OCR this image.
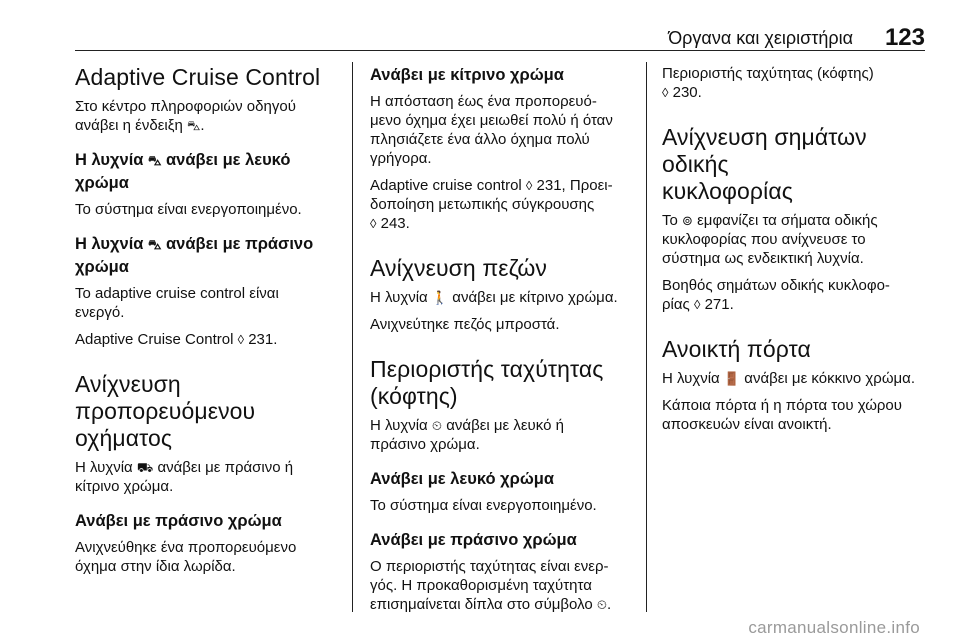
Όργανα και χειριστήρια 123
Adaptive Cruise Control

Στο κέντρο πληροφοριών οδηγού
ανάβει η ένδειξη ⛍.

Η λυχνία ⛍ ανάβει με λευκό
χρώμα

Το σύστημα είναι ενεργοποιημένο.

Η λυχνία ⛍ ανάβει με πράσινο
χρώμα

Το adaptive cruise control είναι
ενεργό.

Adaptive Cruise Control ◊ 231.

Ανίχνευση
προπορευόμενου οχήματος

Η λυχνία ⛟ ανάβει με πράσινο ή
κίτρινο χρώμα.

Ανάβει με πράσινο χρώμα

Ανιχνεύθηκε ένα προπορευόμενο
όχημα στην ίδια λωρίδα.

Ανάβει με κίτρινο χρώμα

Η απόσταση έως ένα προπορευό-
μενο όχημα έχει μειωθεί πολύ ή όταν
πλησιάζετε ένα άλλο όχημα πολύ
γρήγορα.

Adaptive cruise control ◊ 231, Προει-
δοποίηση μετωπικής σύγκρουσης
◊ 243.

Ανίχνευση πεζών

Η λυχνία 🚶 ανάβει με κίτρινο χρώμα.

Ανιχνεύτηκε πεζός μπροστά.

Περιοριστής ταχύτητας
(κόφτης)

Η λυχνία ⏲ ανάβει με λευκό ή
πράσινο χρώμα.

Ανάβει με λευκό χρώμα

Το σύστημα είναι ενεργοποιημένο.

Ανάβει με πράσινο χρώμα

Ο περιοριστής ταχύτητας είναι ενερ-
γός. Η προκαθορισμένη ταχύτητα
επισημαίνεται δίπλα στο σύμβολο ⏲.

Περιοριστής ταχύτητας (κόφτης)
◊ 230.

Ανίχνευση σημάτων οδικής
κυκλοφορίας

Το ⊚ εμφανίζει τα σήματα οδικής
κυκλοφορίας που ανίχνευσε το
σύστημα ως ενδεικτική λυχνία.

Βοηθός σημάτων οδικής κυκλοφο-
ρίας ◊ 271.

Ανοικτή πόρτα

Η λυχνία 🚪 ανάβει με κόκκινο χρώμα.

Κάποια πόρτα ή η πόρτα του χώρου
αποσκευών είναι ανοικτή.

carmanualsonline.info
